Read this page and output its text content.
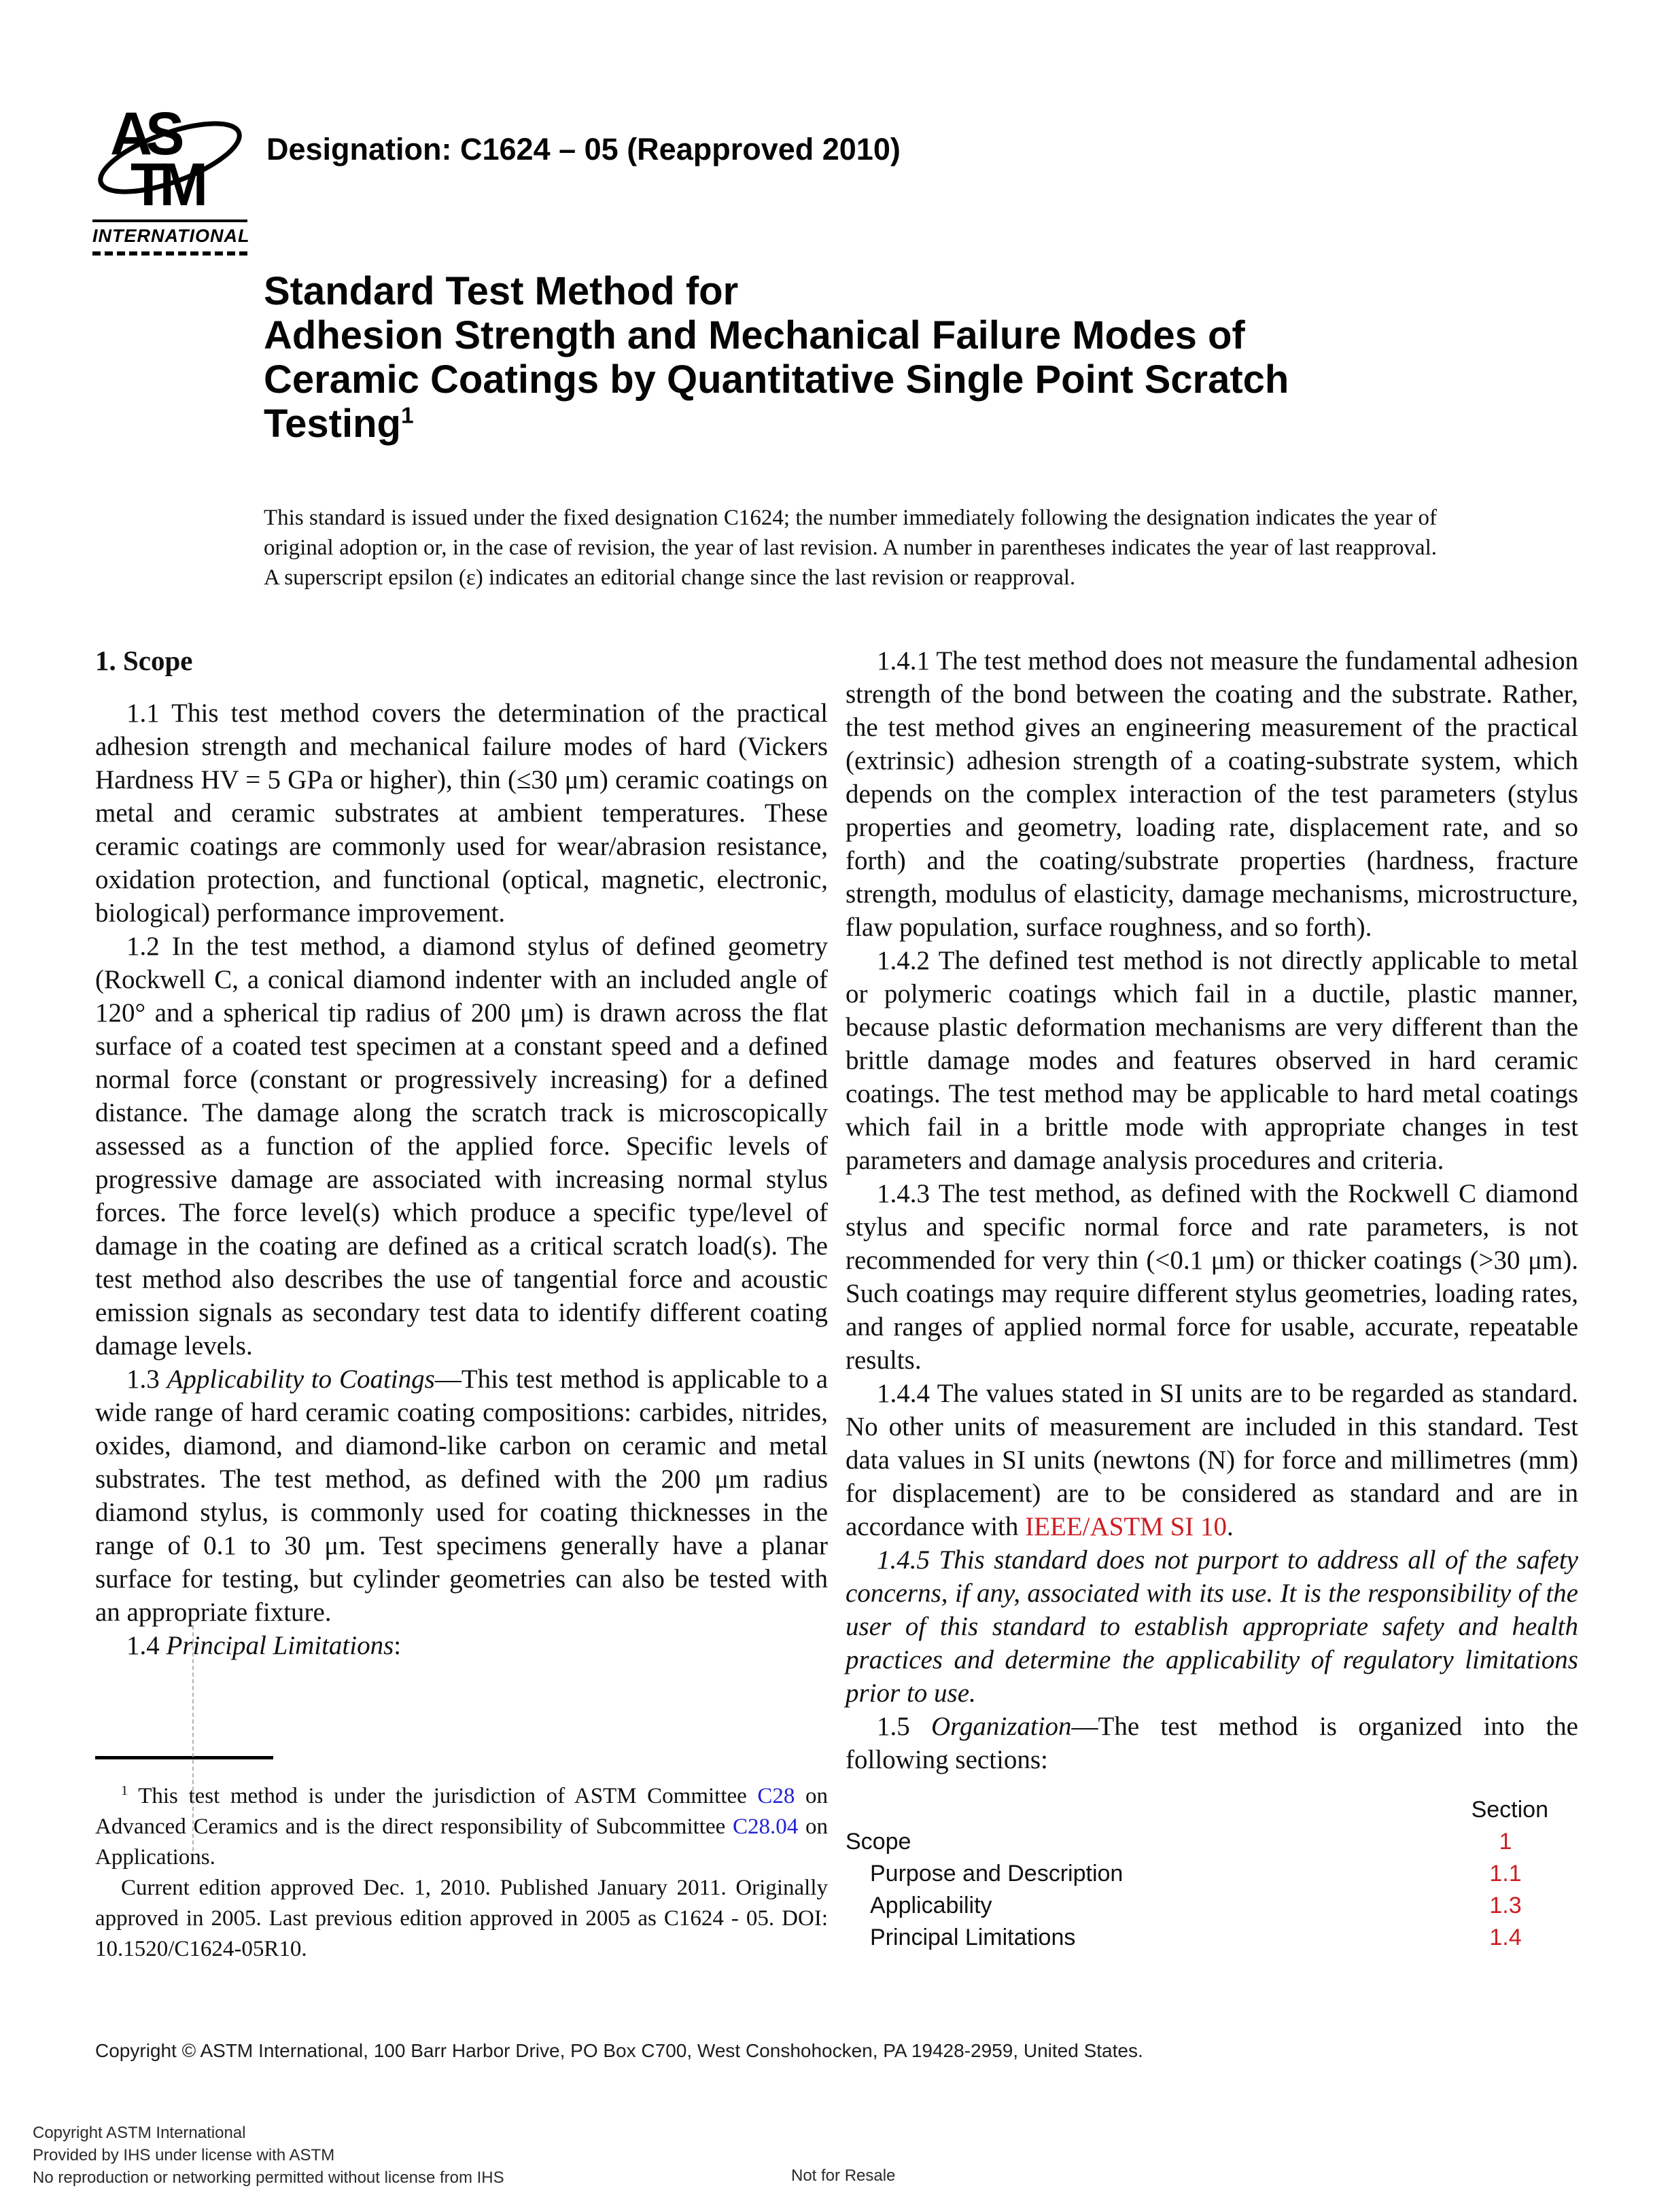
AS
TM
INTERNATIONAL
Designation: C1624 – 05 (Reapproved 2010)
Standard Test Method for
Adhesion Strength and Mechanical Failure Modes of
Ceramic Coatings by Quantitative Single Point Scratch
Testing$^1$
This standard is issued under the fixed designation C1624; the number immediately following the designation indicates the year of original adoption or, in the case of revision, the year of last revision. A number in parentheses indicates the year of last reapproval. A superscript epsilon (ε) indicates an editorial change since the last revision or reapproval.
1. Scope

1.1 This test method covers the determination of the practical adhesion strength and mechanical failure modes of hard (Vickers Hardness HV = 5 GPa or higher), thin (≤30 μm) ceramic coatings on metal and ceramic substrates at ambient temperatures. These ceramic coatings are commonly used for wear/abrasion resistance, oxidation protection, and functional (optical, magnetic, electronic, biological) performance improvement.

1.2 In the test method, a diamond stylus of defined geometry (Rockwell C, a conical diamond indenter with an included angle of 120° and a spherical tip radius of 200 μm) is drawn across the flat surface of a coated test specimen at a constant speed and a defined normal force (constant or progressively increasing) for a defined distance. The damage along the scratch track is microscopically assessed as a function of the applied force. Specific levels of progressive damage are associated with increasing normal stylus forces. The force level(s) which produce a specific type/level of damage in the coating are defined as a critical scratch load(s). The test method also describes the use of tangential force and acoustic emission signals as secondary test data to identify different coating damage levels.

1.3 Applicability to Coatings—This test method is applicable to a wide range of hard ceramic coating compositions: carbides, nitrides, oxides, diamond, and diamond-like carbon on ceramic and metal substrates. The test method, as defined with the 200 μm radius diamond stylus, is commonly used for coating thicknesses in the range of 0.1 to 30 μm. Test specimens generally have a planar surface for testing, but cylinder geometries can also be tested with an appropriate fixture.

1.4 Principal Limitations:

1.4.1 The test method does not measure the fundamental adhesion strength of the bond between the coating and the substrate. Rather, the test method gives an engineering measurement of the practical (extrinsic) adhesion strength of a coating-substrate system, which depends on the complex interaction of the test parameters (stylus properties and geometry, loading rate, displacement rate, and so forth) and the coating/substrate properties (hardness, fracture strength, modulus of elasticity, damage mechanisms, microstructure, flaw population, surface roughness, and so forth).

1.4.2 The defined test method is not directly applicable to metal or polymeric coatings which fail in a ductile, plastic manner, because plastic deformation mechanisms are very different than the brittle damage modes and features observed in hard ceramic coatings. The test method may be applicable to hard metal coatings which fail in a brittle mode with appropriate changes in test parameters and damage analysis procedures and criteria.

1.4.3 The test method, as defined with the Rockwell C diamond stylus and specific normal force and rate parameters, is not recommended for very thin (<0.1 μm) or thicker coatings (>30 μm). Such coatings may require different stylus geometries, loading rates, and ranges of applied normal force for usable, accurate, repeatable results.

1.4.4 The values stated in SI units are to be regarded as standard. No other units of measurement are included in this standard. Test data values in SI units (newtons (N) for force and millimetres (mm) for displacement) are to be considered as standard and are in accordance with IEEE/ASTM SI 10.

1.4.5 This standard does not purport to address all of the safety concerns, if any, associated with its use. It is the responsibility of the user of this standard to establish appropriate safety and health practices and determine the applicability of regulatory limitations prior to use.

1.5 Organization—The test method is organized into the following sections:

Section
Scope	1
Purpose and Description	1.1
Applicability	1.3
Principal Limitations	1.4

$^1$ This test method is under the jurisdiction of ASTM Committee C28 on Advanced Ceramics and is the direct responsibility of Subcommittee C28.04 on Applications.

Current edition approved Dec. 1, 2010. Published January 2011. Originally approved in 2005. Last previous edition approved in 2005 as C1624 - 05. DOI: 10.1520/C1624-05R10.

Copyright © ASTM International, 100 Barr Harbor Drive, PO Box C700, West Conshohocken, PA 19428-2959, United States.
Copyright ASTM International
Provided by IHS under license with ASTM
No reproduction or networking permitted without license from IHS	Not for Resale
